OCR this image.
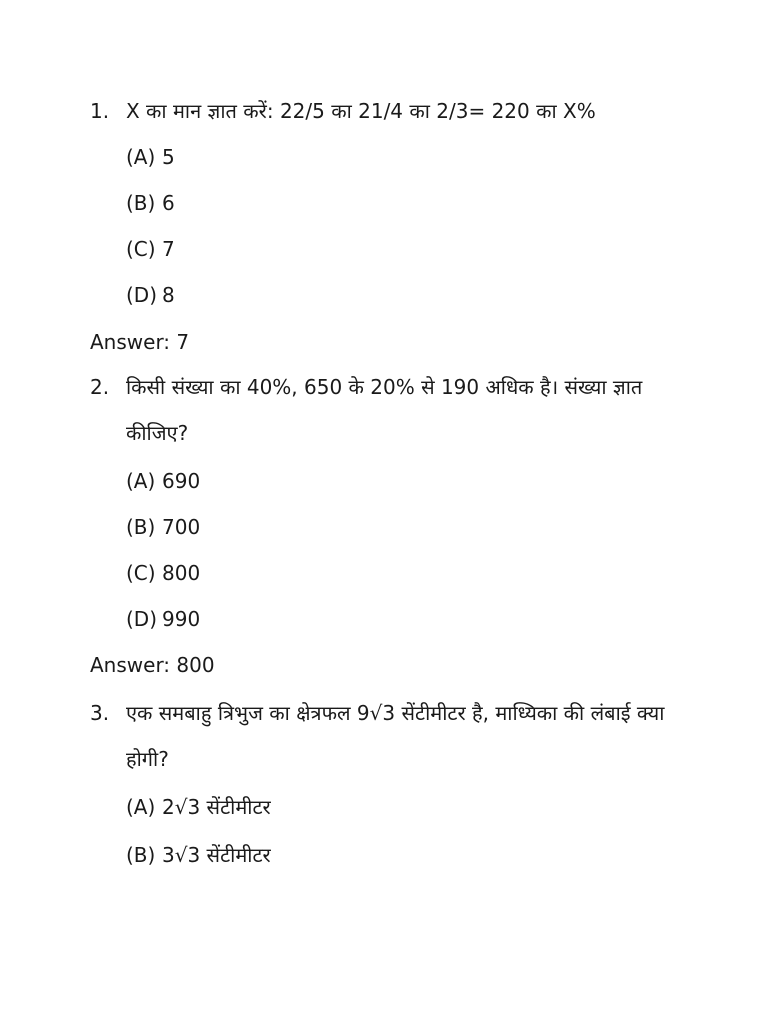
1. X का मान ज्ञात करें: 22/5 का 21/4 का 2/3= 220 का X%
(A) 5
(B) 6
(C) 7
(D) 8
Answer: 7
2. किसी संख्या का 40%, 650 के 20% से 190 अधिक है। संख्या ज्ञात कीजिए?
(A) 690
(B) 700
(C) 800
(D) 990
Answer: 800
3. एक समबाहु त्रिभुज का क्षेत्रफल 9√3 सेंटीमीटर है, माध्यिका की लंबाई क्या होगी?
(A) 2√3 सेंटीमीटर
(B) 3√3 सेंटीमीटर
